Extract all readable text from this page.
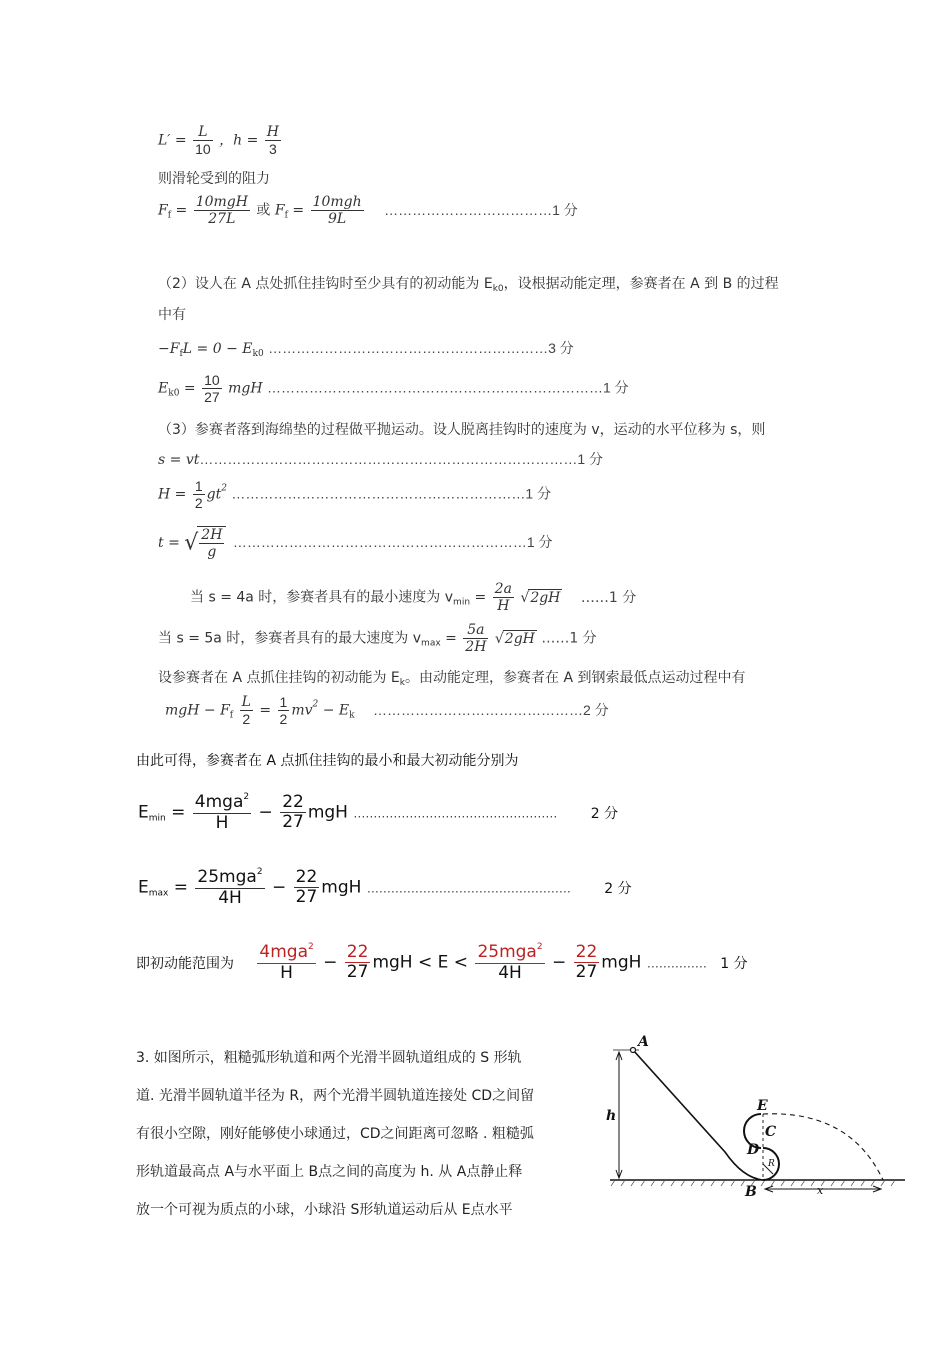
$L' = \frac{L}{10}$ ，$h = \frac{H}{3}$
则滑轮受到的阻力
$F_f = \frac{\text{10mgH}}{27L}$ 或 $F_f = \frac{\text{10mgh}}{9L}$ ………………………………1 分
（2）设人在 A 点处抓住挂钩时至少具有的初动能为 $E_{k0}$，设根据动能定理，参赛者在 A 到 B 的过程
中有
$-F_fL = 0 - E_{k0}$ ……………………………………………………3 分
$E_{k0} = \frac{10}{27}$ mgH ………………………………………………………………1 分
（3）参赛者落到海绵垫的过程做平抛运动。设人脱离挂钩时的速度为 v，运动的水平位移为 s，则
s = vt………………………………………………………………………1 分
$H = \frac{1}{2} gt^2$ ………………………………………………………1 分
t = √ $\frac{2H}{g}$ ………………………………………………………1 分
当 s = 4a 时，参赛者具有的最小速度为 $v_{min} = \frac{2a}{H} √2gH$ ……1 分
当 s = 5a 时，参赛者具有的最大速度为 $v_{max} = \frac{5a}{2H} √2gH$ ……1 分
设参赛者在 A 点抓住挂钩的初动能为 $E_k$。由动能定理，参赛者在 A 到钢索最低点运动过程中有
mgH − $F_f \frac{L}{2} = \frac{1}{2} mv^2 - E_k$ ………………………………………2 分
由此可得，参赛者在 A 点抓住挂钩的最小和最大初动能分别为
$E_{min} = \frac{4mga^2}{H} - \frac{22}{27}$ mgH …………………………………………… 2 分
$E_{max} = \frac{25mga^2}{4H} - \frac{22}{27}$ mgH …………………………………………… 2 分
即初动能范围为 $\frac{4mga^2}{H} - \frac{22}{27}$ mgH < $E < \frac{25mga^2}{4H} - \frac{22}{27}$ mgH …………… 1 分
3. 如图所示，粗糙弧形轨道和两个光滑半圆轨道组成的 S 形轨
道. 光滑半圆轨道半径为 R，两个光滑半圆轨道连接处 CD之间留
有很小空隙，刚好能够使小球通过，CD之间距离可忽略 . 粗糙弧
形轨道最高点 A与水平面上 B点之间的高度为 h. 从 A点静止释
放一个可视为质点的小球，小球沿 S形轨道运动后从 E点水平
A
B
C
D
E
h
x
R
